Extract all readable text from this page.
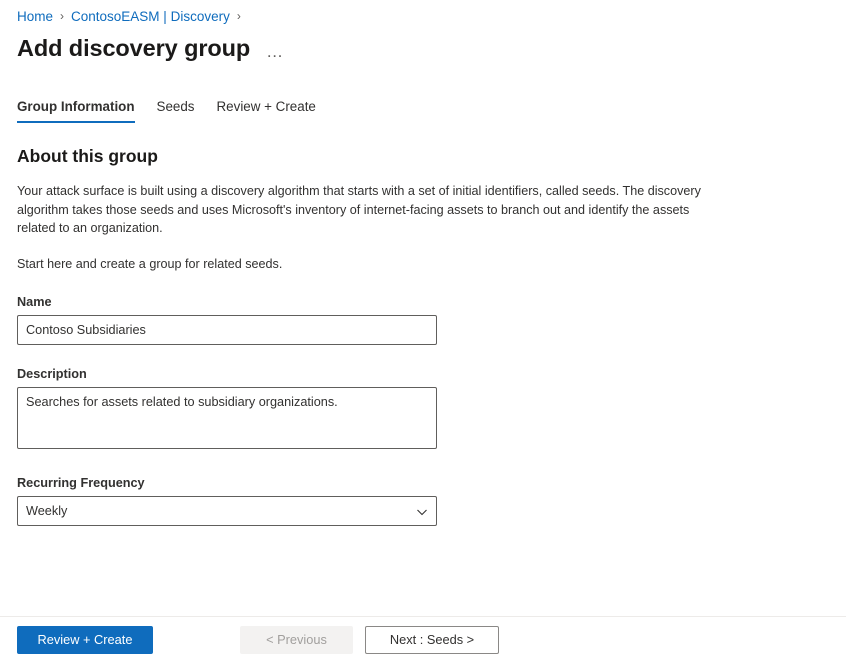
Home › ContosoEASM | Discovery ›
Add discovery group …
Group Information	Seeds	Review + Create
About this group
Your attack surface is built using a discovery algorithm that starts with a set of initial identifiers, called seeds. The discovery algorithm takes those seeds and uses Microsoft's inventory of internet-facing assets to branch out and identify the assets related to an organization.
Start here and create a group for related seeds.
Name
Contoso Subsidiaries
Description
Searches for assets related to subsidiary organizations.
Recurring Frequency
Weekly
Review + Create	< Previous	Next : Seeds >
